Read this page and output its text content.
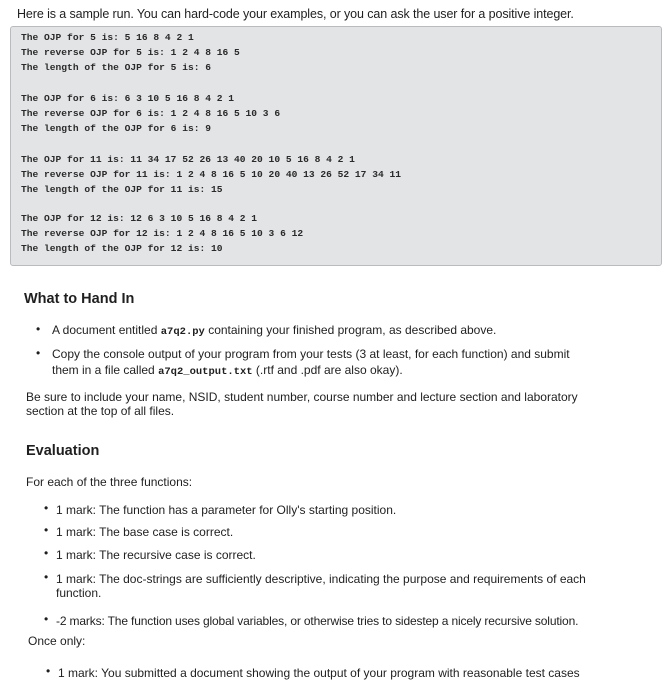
Here is a sample run. You can hard-code your examples, or you can ask the user for a positive integer.
The OJP for 5 is: 5 16 8 4 2 1
The reverse OJP for 5 is: 1 2 4 8 16 5
The length of the OJP for 5 is: 6
The OJP for 6 is: 6 3 10 5 16 8 4 2 1
The reverse OJP for 6 is: 1 2 4 8 16 5 10 3 6
The length of the OJP for 6 is: 9
The OJP for 11 is: 11 34 17 52 26 13 40 20 10 5 16 8 4 2 1
The reverse OJP for 11 is: 1 2 4 8 16 5 10 20 40 13 26 52 17 34 11
The length of the OJP for 11 is: 15
The OJP for 12 is: 12 6 3 10 5 16 8 4 2 1
The reverse OJP for 12 is: 1 2 4 8 16 5 10 3 6 12
The length of the OJP for 12 is: 10
What to Hand In
• A document entitled a7q2.py containing your finished program, as described above.
• Copy the console output of your program from your tests (3 at least, for each function) and submit
them in a file called a7q2_output.txt (.rtf and .pdf are also okay).
Be sure to include your name, NSID, student number, course number and lecture section and laboratory
section at the top of all files.
Evaluation
For each of the three functions:
• 1 mark: The function has a parameter for Olly's starting position.
• 1 mark: The base case is correct.
• 1 mark: The recursive case is correct.
• 1 mark: The doc-strings are sufficiently descriptive, indicating the purpose and requirements of each
function.
• -2 marks: The function uses global variables, or otherwise tries to sidestep a nicely recursive solution.
Once only:
• 1 mark: You submitted a document showing the output of your program with reasonable test cases
